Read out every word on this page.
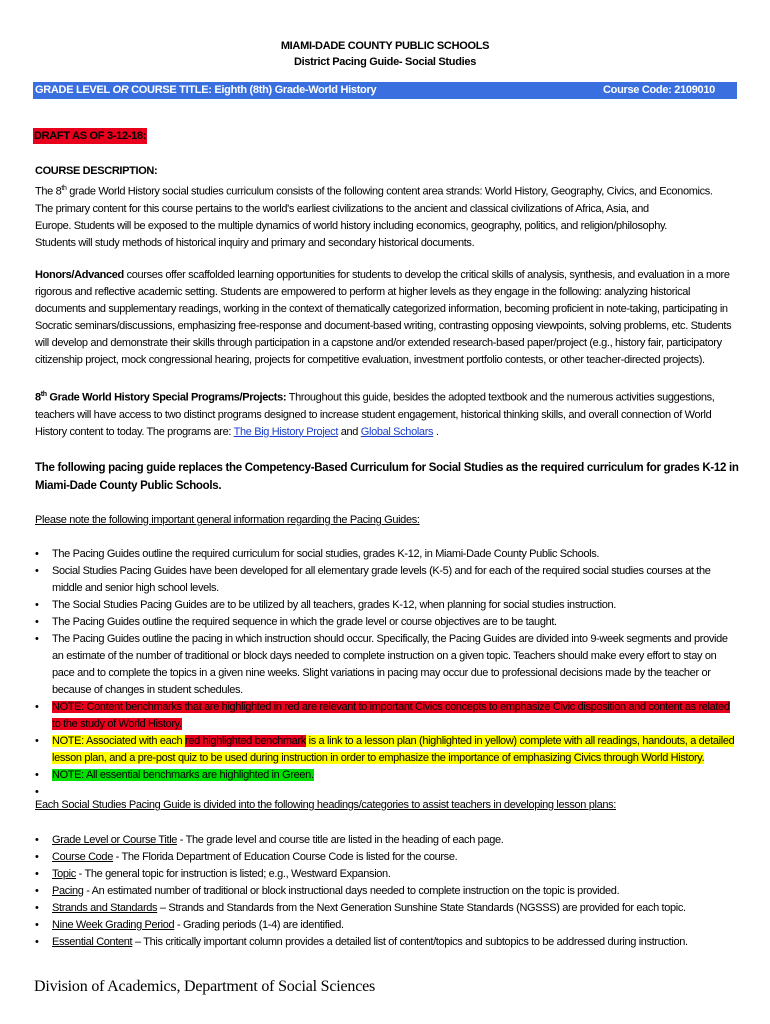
MIAMI-DADE COUNTY PUBLIC SCHOOLS
District Pacing Guide- Social Studies
GRADE LEVEL OR COURSE TITLE: Eighth (8th) Grade-World History	Course Code: 2109010
DRAFT AS OF 3-12-18:

COURSE DESCRIPTION:

The 8th grade World History social studies curriculum consists of the following content area strands: World History, Geography, Civics, and Economics.

The primary content for this course pertains to the world's earliest civilizations to the ancient and classical civilizations of Africa, Asia, and

Europe. Students will be exposed to the multiple dynamics of world history including economics, geography, politics, and religion/philosophy.

Students will study methods of historical inquiry and primary and secondary historical documents.

Honors/Advanced courses offer scaffolded learning opportunities for students to develop the critical skills of analysis, synthesis, and evaluation in a more rigorous and reflective academic setting. Students are empowered to perform at higher levels as they engage in the following: analyzing historical documents and supplementary readings, working in the context of thematically categorized information, becoming proficient in note-taking, participating in Socratic seminars/discussions, emphasizing free-response and document-based writing, contrasting opposing viewpoints, solving problems, etc. Students will develop and demonstrate their skills through participation in a capstone and/or extended research-based paper/project (e.g., history fair, participatory citizenship project, mock congressional hearing, projects for competitive evaluation, investment portfolio contests, or other teacher-directed projects).

8th Grade World History Special Programs/Projects: Throughout this guide, besides the adopted textbook and the numerous activities suggestions, teachers will have access to two distinct programs designed to increase student engagement, historical thinking skills, and overall connection of World History content to today. The programs are: The Big History Project and Global Scholars .

The following pacing guide replaces the Competency-Based Curriculum for Social Studies as the required curriculum for grades K-12 in Miami-Dade County Public Schools.
Please note the following important general information regarding the Pacing Guides:
• The Pacing Guides outline the required curriculum for social studies, grades K-12, in Miami-Dade County Public Schools.
• Social Studies Pacing Guides have been developed for all elementary grade levels (K-5) and for each of the required social studies courses at the middle and senior high school levels.
• The Social Studies Pacing Guides are to be utilized by all teachers, grades K-12, when planning for social studies instruction.
• The Pacing Guides outline the required sequence in which the grade level or course objectives are to be taught.
• The Pacing Guides outline the pacing in which instruction should occur. Specifically, the Pacing Guides are divided into 9-week segments and provide an estimate of the number of traditional or block days needed to complete instruction on a given topic. Teachers should make every effort to stay on pace and to complete the topics in a given nine weeks. Slight variations in pacing may occur due to professional decisions made by the teacher or because of changes in student schedules.
• NOTE: Content benchmarks that are highlighted in red are relevant to important Civics concepts to emphasize Civic disposition and content as related to the study of World History.
• NOTE: Associated with each red highlighted benchmark is a link to a lesson plan (highlighted in yellow) complete with all readings, handouts, a detailed lesson plan, and a pre-post quiz to be used during instruction in order to emphasize the importance of emphasizing Civics through World History.
• NOTE: All essential benchmarks are highlighted in Green.
•

Each Social Studies Pacing Guide is divided into the following headings/categories to assist teachers in developing lesson plans:
• Grade Level or Course Title - The grade level and course title are listed in the heading of each page.
• Course Code - The Florida Department of Education Course Code is listed for the course.
• Topic - The general topic for instruction is listed; e.g., Westward Expansion.
• Pacing - An estimated number of traditional or block instructional days needed to complete instruction on the topic is provided.
• Strands and Standards – Strands and Standards from the Next Generation Sunshine State Standards (NGSSS) are provided for each topic.
• Nine Week Grading Period - Grading periods (1-4) are identified.
• Essential Content – This critically important column provides a detailed list of content/topics and subtopics to be addressed during instruction.
Division of Academics, Department of Social Sciences
